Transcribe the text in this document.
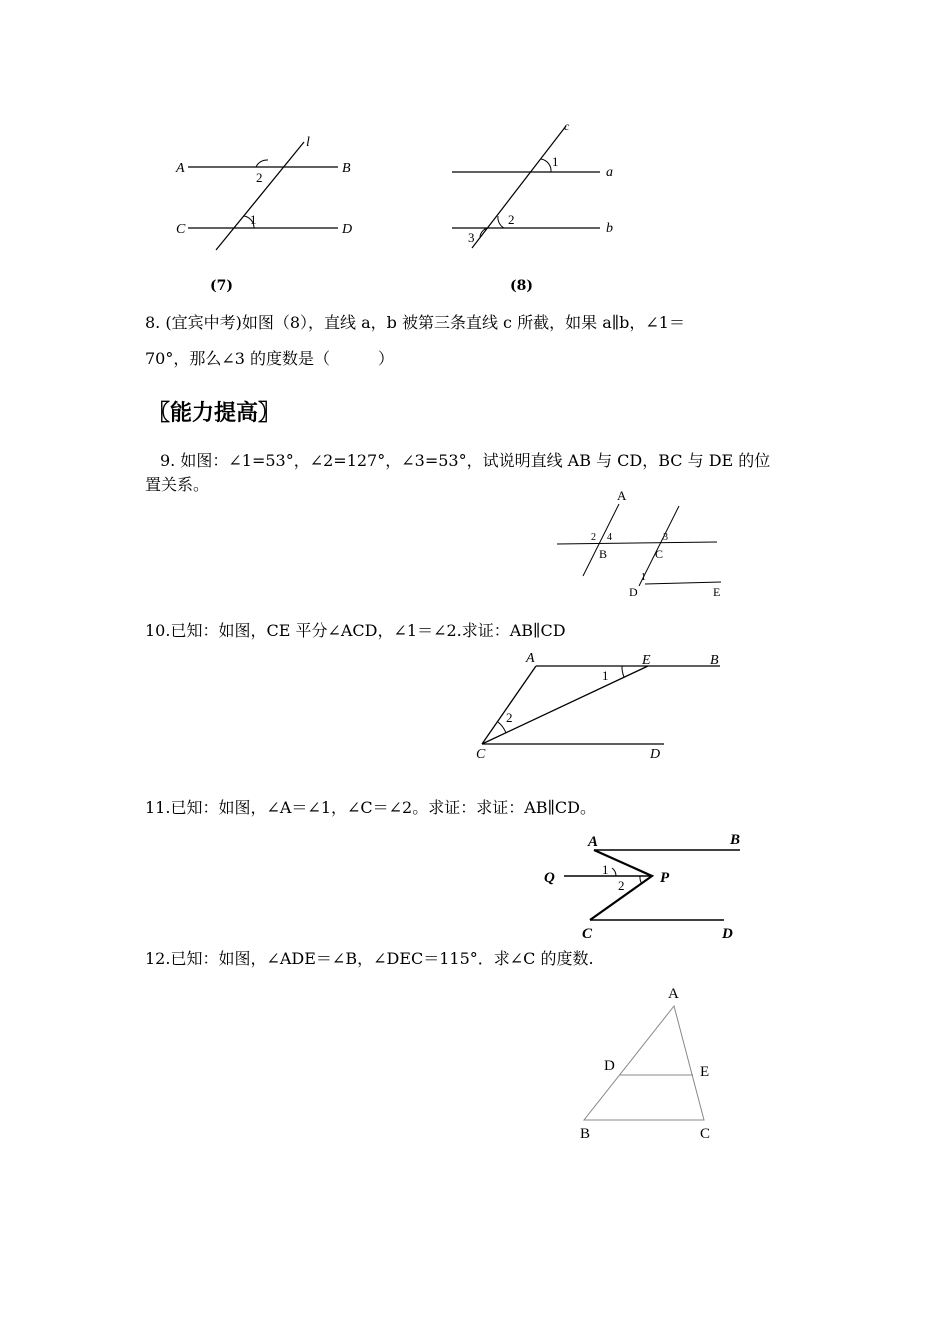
l
A	B
C	D
2
1
(7)
c
a
b
1
2
3
(8)
8. (宜宾中考)如图（8），直线 a，b 被第三条直线 c 所截，如果 a∥b，∠1＝
70°，那么∠3 的度数是（　　　）
〖能力提高〗
9. 如图：∠1=53°，∠2=127°，∠3=53°，试说明直线 AB 与 CD，BC 与 DE 的位
置关系。
A
B	C
D	E
2 4	3
1
10.已知：如图，CE 平分∠ACD，∠1＝∠2.求证：AB∥CD
A	E	B
C	D
1
2
11.已知：如图，∠A＝∠1，∠C＝∠2。求证：求证：AB∥CD。
A	B
Q	P
C	D
1
2
12.已知：如图，∠ADE＝∠B，∠DEC＝115°．求∠C 的度数.
A
D	E
B	C
